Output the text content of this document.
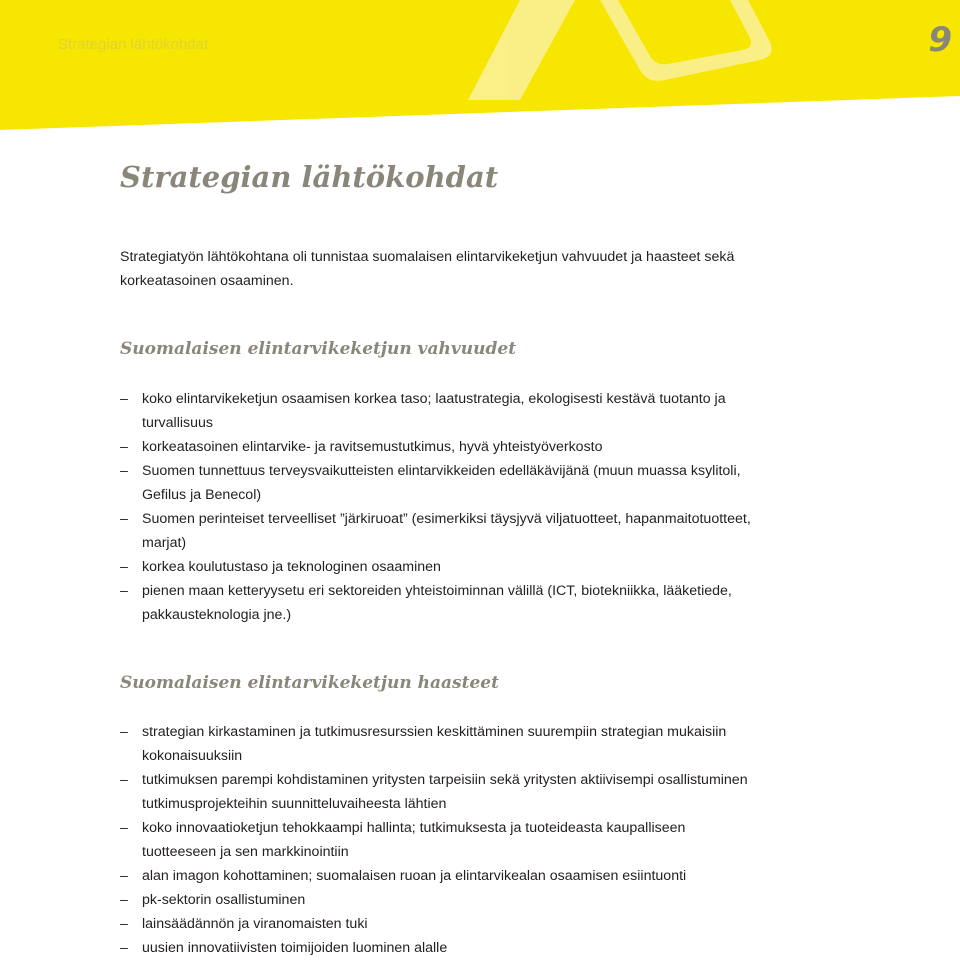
Strategian lähtökohdat	9
Strategian lähtökohdat

Strategiatyön lähtökohtana oli tunnistaa suomalaisen elintarvikeketjun vahvuudet ja haasteet sekä korkeatasoinen osaaminen.

Suomalaisen elintarvikeketjun vahvuudet
– koko elintarvikeketjun osaamisen korkea taso; laatustrategia, ekologisesti kestävä tuotanto ja turvallisuus
– korkeatasoinen elintarvike- ja ravitsemustutkimus, hyvä yhteistyöverkosto
– Suomen tunnettuus terveysvaikutteisten elintarvikkeiden edelläkävijänä (muun muassa ksylitoli, Gefilus ja Benecol)
– Suomen perinteiset terveelliset ”järkiruoat” (esimerkiksi täysjyvä viljatuotteet, hapanmaitotuotteet, marjat)
– korkea koulutustaso ja teknologinen osaaminen
– pienen maan ketteryysetu eri sektoreiden yhteistoiminnan välillä (ICT, biotekniikka, lääketiede, pakkausteknologia jne.)
Suomalaisen elintarvikeketjun haasteet
– strategian kirkastaminen ja tutkimusresurssien keskittäminen suurempiin strategian mukaisiin kokonaisuuksiin
– tutkimuksen parempi kohdistaminen yritysten tarpeisiin sekä yritysten aktiivisempi osallistuminen tutkimusprojekteihin suunnitteluvaiheesta lähtien
– koko innovaatioketjun tehokkaampi hallinta; tutkimuksesta ja tuoteideasta kaupalliseen tuotteeseen ja sen markkinointiin
– alan imagon kohottaminen; suomalaisen ruoan ja elintarvikealan osaamisen esiintuonti
– pk-sektorin osallistuminen
– lainsäädännön ja viranomaisten tuki
– uusien innovatiivisten toimijoiden luominen alalle
